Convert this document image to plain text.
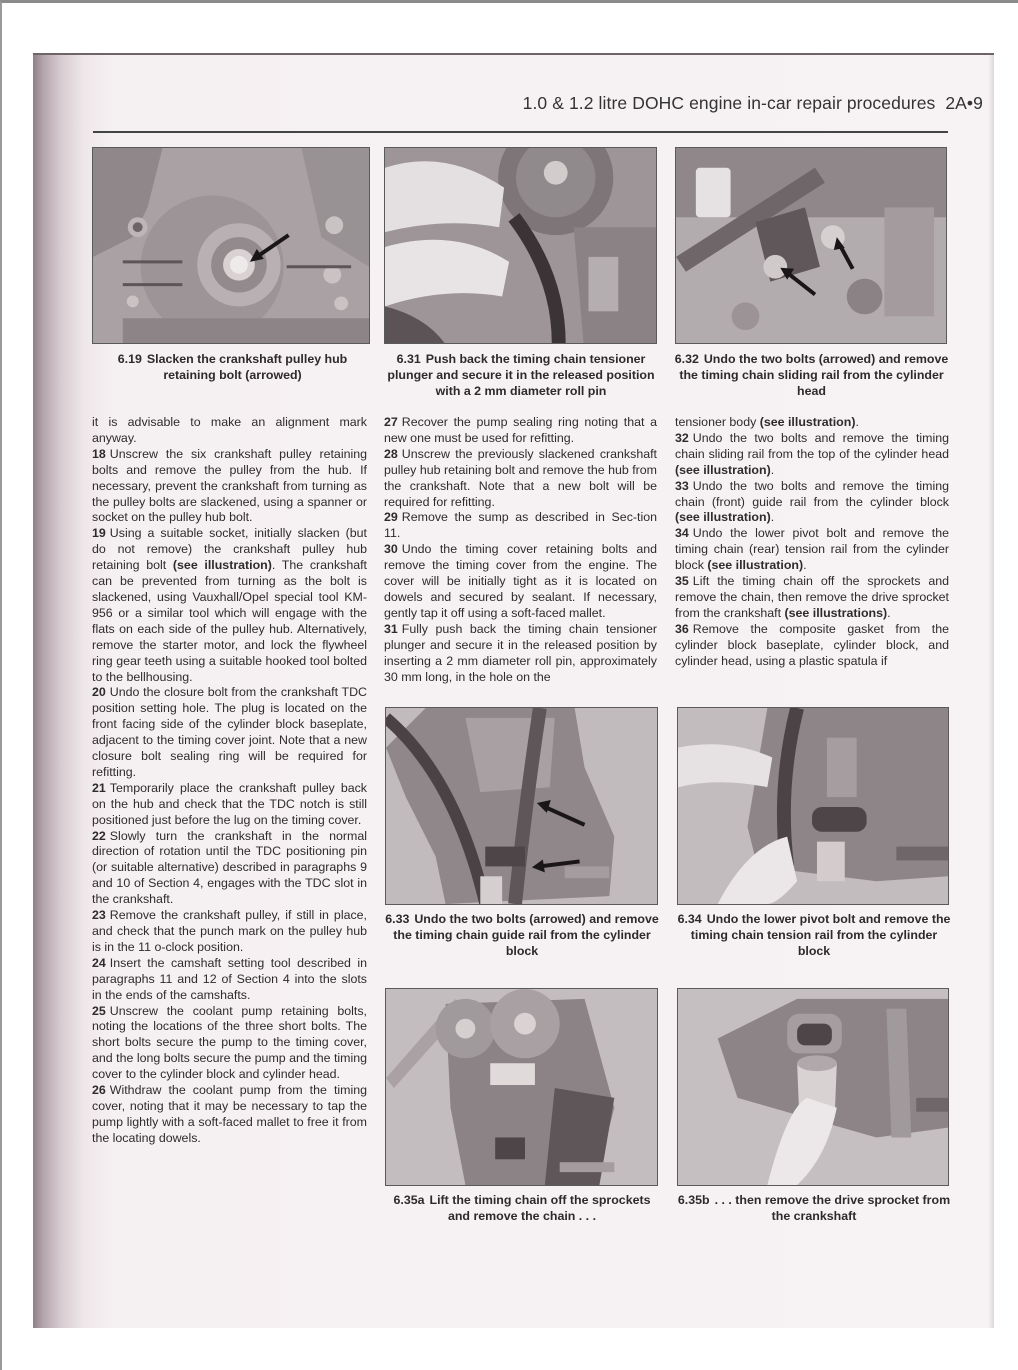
1.0 & 1.2 litre DOHC engine in-car repair procedures 2A•9
6.19 Slacken the crankshaft pulley hub retaining bolt (arrowed)
6.31 Push back the timing chain tensioner plunger and secure it in the released position with a 2 mm diameter roll pin
6.32 Undo the two bolts (arrowed) and remove the timing chain sliding rail from the cylinder head

it is advisable to make an alignment mark anyway.

18 Unscrew the six crankshaft pulley retaining bolts and remove the pulley from the hub. If necessary, prevent the crankshaft from turning as the pulley bolts are slackened, using a spanner or socket on the pulley hub bolt.

19 Using a suitable socket, initially slacken (but do not remove) the crankshaft pulley hub retaining bolt (see illustration). The crankshaft can be prevented from turning as the bolt is slackened, using Vauxhall/Opel special tool KM-956 or a similar tool which will engage with the flats on each side of the pulley hub. Alternatively, remove the starter motor, and lock the flywheel ring gear teeth using a suitable hooked tool bolted to the bellhousing.

20 Undo the closure bolt from the crankshaft TDC position setting hole. The plug is located on the front facing side of the cylinder block baseplate, adjacent to the timing cover joint. Note that a new closure bolt sealing ring will be required for refitting.

21 Temporarily place the crankshaft pulley back on the hub and check that the TDC notch is still positioned just before the lug on the timing cover.

22 Slowly turn the crankshaft in the normal direction of rotation until the TDC positioning pin (or suitable alternative) described in paragraphs 9 and 10 of Section 4, engages with the TDC slot in the crankshaft.

23 Remove the crankshaft pulley, if still in place, and check that the punch mark on the pulley hub is in the 11 o-clock position.

24 Insert the camshaft setting tool described in paragraphs 11 and 12 of Section 4 into the slots in the ends of the camshafts.

25 Unscrew the coolant pump retaining bolts, noting the locations of the three short bolts. The short bolts secure the pump to the timing cover, and the long bolts secure the pump and the timing cover to the cylinder block and cylinder head.

26 Withdraw the coolant pump from the timing cover, noting that it may be necessary to tap the pump lightly with a soft-faced mallet to free it from the locating dowels.

27 Recover the pump sealing ring noting that a new one must be used for refitting.

28 Unscrew the previously slackened crankshaft pulley hub retaining bolt and remove the hub from the crankshaft. Note that a new bolt will be required for refitting.

29 Remove the sump as described in Sec-tion 11.

30 Undo the timing cover retaining bolts and remove the timing cover from the engine. The cover will be initially tight as it is located on dowels and secured by sealant. If necessary, gently tap it off using a soft-faced mallet.

31 Fully push back the timing chain tensioner plunger and secure it in the released position by inserting a 2 mm diameter roll pin, approximately 30 mm long, in the hole on the

tensioner body (see illustration).

32 Undo the two bolts and remove the timing chain sliding rail from the top of the cylinder head (see illustration).

33 Undo the two bolts and remove the timing chain (front) guide rail from the cylinder block (see illustration).

34 Undo the lower pivot bolt and remove the timing chain (rear) tension rail from the cylinder block (see illustration).

35 Lift the timing chain off the sprockets and remove the chain, then remove the drive sprocket from the crankshaft (see illustrations).

36 Remove the composite gasket from the cylinder block baseplate, cylinder block, and cylinder head, using a plastic spatula if

6.33 Undo the two bolts (arrowed) and remove the timing chain guide rail from the cylinder block
6.34 Undo the lower pivot bolt and remove the timing chain tension rail from the cylinder block
6.35a Lift the timing chain off the sprockets and remove the chain . . .
6.35b . . . then remove the drive sprocket from the crankshaft
